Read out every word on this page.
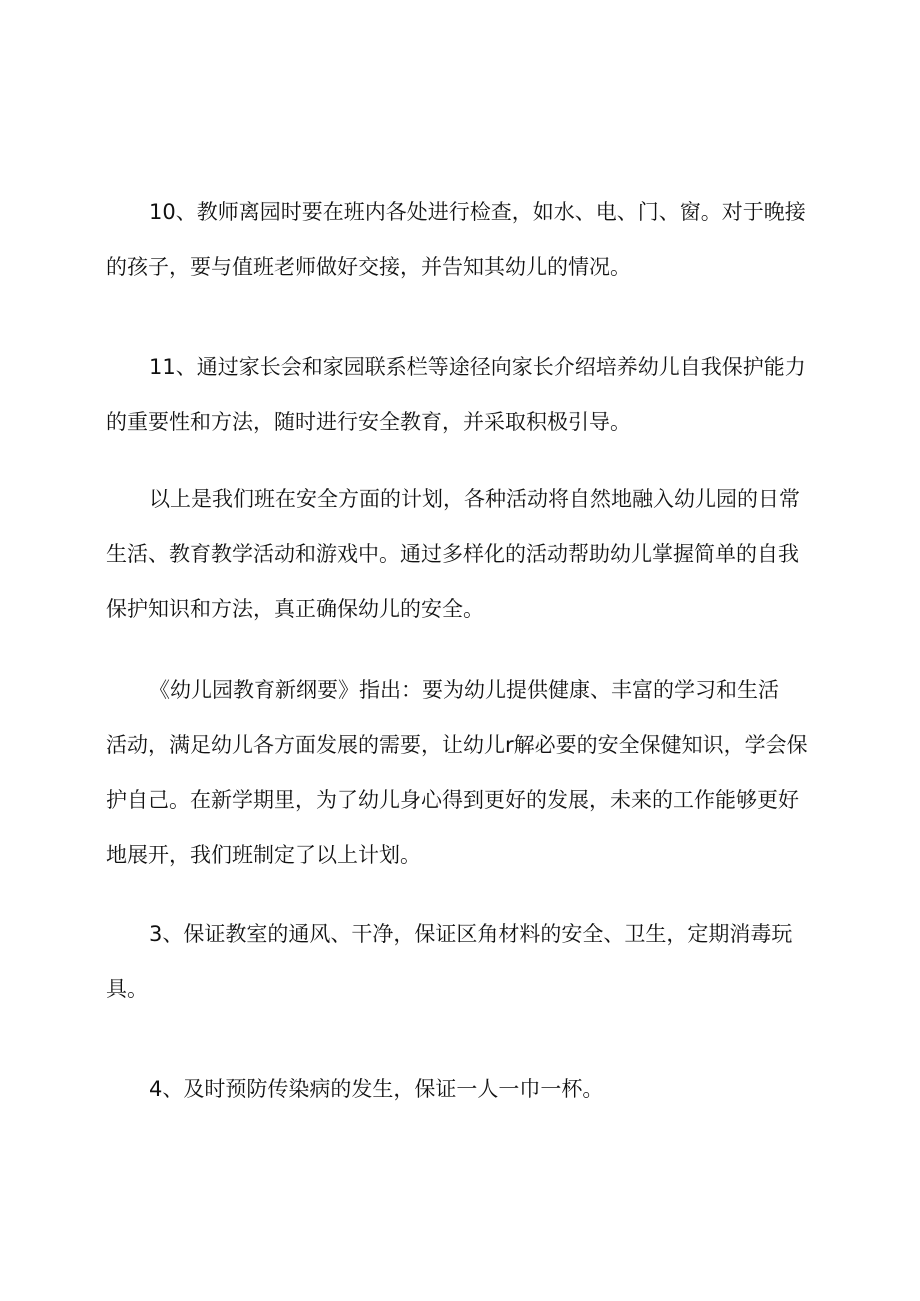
10、教师离园时要在班内各处进行检查，如水、电、门、窗。对于晚接
的孩子，要与值班老师做好交接，并告知其幼儿的情况。
11、通过家长会和家园联系栏等途径向家长介绍培养幼儿自我保护能力
的重要性和方法，随时进行安全教育，并采取积极引导。
以上是我们班在安全方面的计划，各种活动将自然地融入幼儿园的日常
生活、教育教学活动和游戏中。通过多样化的活动帮助幼儿掌握简单的自我
保护知识和方法，真正确保幼儿的安全。
《幼儿园教育新纲要》指出：要为幼儿提供健康、丰富的学习和生活
活动，满足幼儿各方面发展的需要，让幼儿r解必要的安全保健知识，学会保
护自己。在新学期里，为了幼儿身心得到更好的发展，未来的工作能够更好
地展开，我们班制定了以上计划。
3、保证教室的通风、干净，保证区角材料的安全、卫生，定期消毒玩
具。
4、及时预防传染病的发生，保证一人一巾一杯。
